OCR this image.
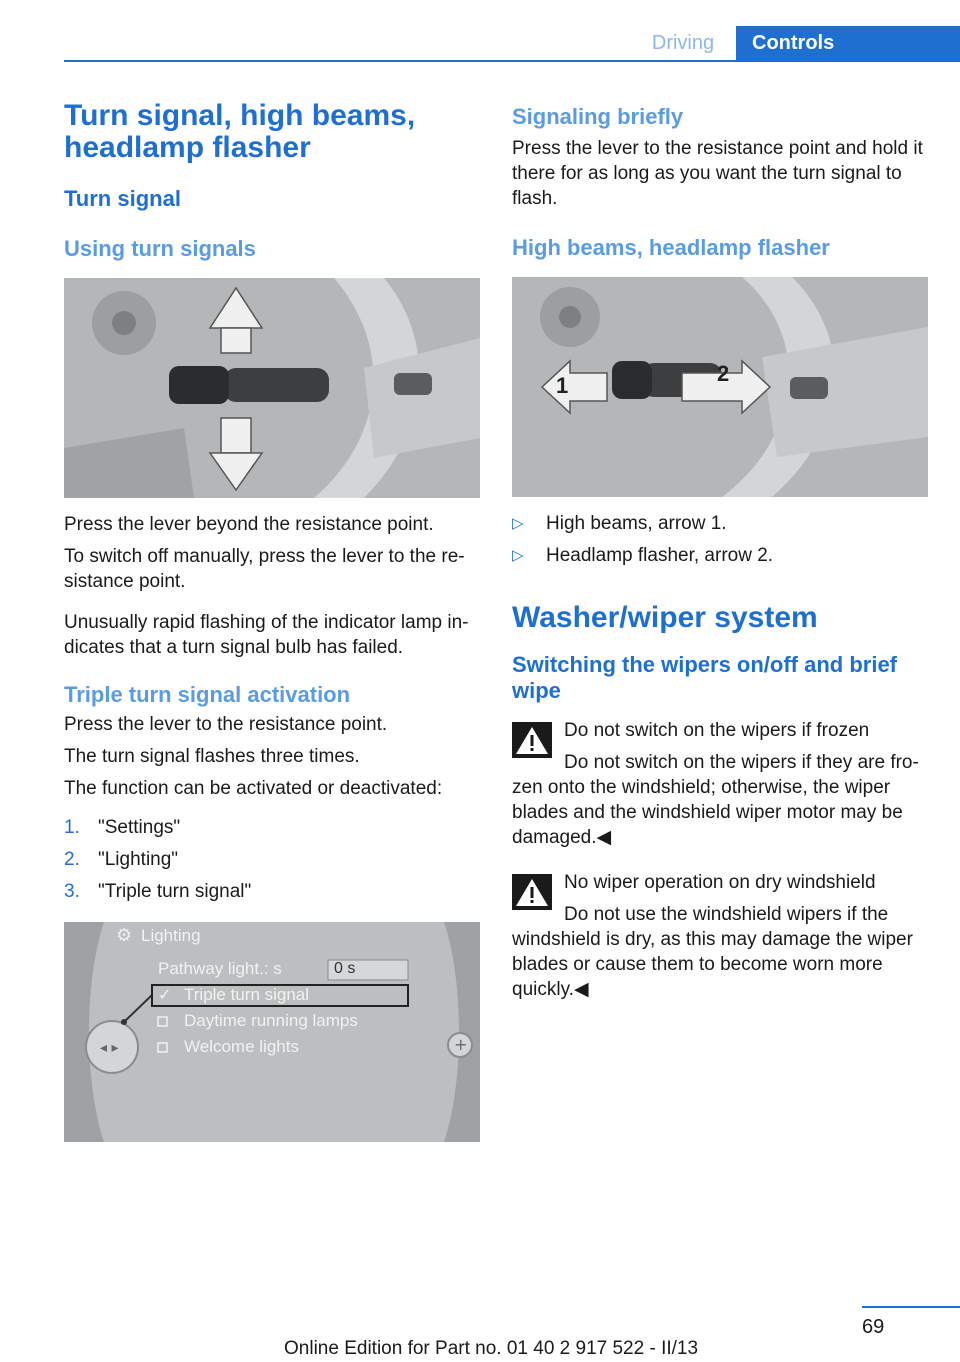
Driving	Controls
Turn signal, high beams, headlamp flasher
Turn signal
Using turn signals

Press the lever beyond the resistance point.

To switch off manually, press the lever to the re‐sistance point.

Unusually rapid flashing of the indicator lamp in‐dicates that a turn signal bulb has failed.

Triple turn signal activation

Press the lever to the resistance point.

The turn signal flashes three times.

The function can be activated or deactivated:

1. "Settings"
2. "Lighting"
3. "Triple turn signal"
◂ ▸	+
⚙ Lighting
Pathway light.: s	0 s
✓ Triple turn signal
Daytime running lamps
Welcome lights
Signaling briefly

Press the lever to the resistance point and hold it there for as long as you want the turn signal to flash.

High beams, headlamp flasher
1	2
▷	High beams, arrow 1.
▷	Headlamp flasher, arrow 2.
Washer/wiper system
Switching the wipers on/off and brief wipe
Do not switch on the wipers if frozen
Do not switch on the wipers if they are fro‐zen onto the windshield; otherwise, the wiper blades and the windshield wiper motor may be damaged.◀
No wiper operation on dry windshield
Do not use the windshield wipers if the windshield is dry, as this may damage the wiper blades or cause them to become worn more quickly.◀
69
Online Edition for Part no. 01 40 2 917 522 - II/13
